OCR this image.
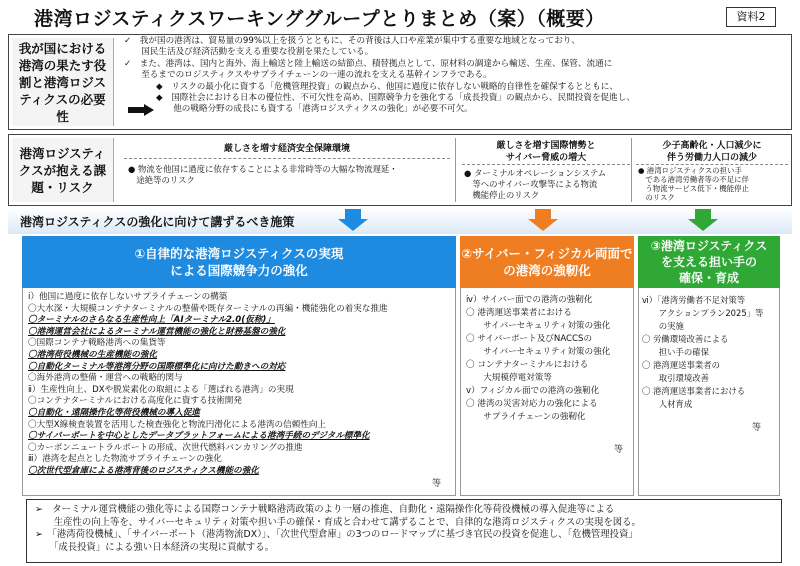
港湾ロジスティクスワーキンググループとりまとめ（案）（概要）	資料2
我が国における港湾の果たす役割と港湾ロジスティクスの必要性

✓　我が国の港湾は、貿易量の99%以上を扱うとともに、その背後は人口や産業が集中する重要な地域となっており、

　　国民生活及び経済活動を支える重要な役割を果たしている。

✓　また、港湾は、国内と海外、海上輸送と陸上輸送の結節点、積替拠点として、原材料の調達から輸送、生産、保管、流通に

　　至るまでのロジスティクスやサプライチェーンの一連の流れを支える基幹インフラである。

◆　リスクの最小化に資する「危機管理投資」の観点から、他国に過度に依存しない戦略的自律性を確保するとともに、

◆　国際社会における日本の優位性、不可欠性を高め、国際競争力を強化する「成長投資」の観点から、民間投資を促進し、

　　他の戦略分野の成長にも資する「港湾ロジスティクスの強化」が必要不可欠。

港湾ロジスティクスが抱える課題・リスク
厳しさを増す経済安全保障環境

● 物流を他国に過度に依存することによる非常時等の大幅な物流遅延・

　途絶等のリスク

厳しさを増す国際情勢と
サイバー脅威の増大

● ターミナルオペレーションシステム

　等へのサイバー攻撃等による物流

　機能停止のリスク

少子高齢化・人口減少に
伴う労働力人口の減少

● 港湾ロジスティクスの担い手

　である港湾労働者等の不足に伴

　う物流サービス低下・機能停止

　のリスク

港湾ロジスティクスの強化に向けて講ずるべき施策
①自律的な港湾ロジスティクスの実現
による国際競争力の強化

ⅰ）他国に過度に依存しないサプライチェーンの構築

〇大水深・大規模コンテナターミナルの整備や既存ターミナルの再編・機能強化の着実な推進

〇ターミナルのさらなる生産性向上「AIターミナル2.0(仮称)」

〇港湾運営会社によるターミナル運営機能の強化と財務基盤の強化

〇国際コンテナ戦略港湾への集貨等

〇港湾荷役機械の生産機能の強化

〇自動化ターミナル等港湾分野の国際標準化に向けた動きへの対応

〇海外港湾の整備・運営への戦略的関与

ⅱ）生産性向上、DXや脱炭素化の取組による「選ばれる港湾」の実現

〇コンテナターミナルにおける高度化に資する技術開発

〇自動化・遠隔操作化等荷役機械の導入促進

〇大型X線検査装置を活用した検査強化と物流円滑化による港湾の信頼性向上

〇サイバーポートを中心としたデータプラットフォームによる港湾手続のデジタル標準化

〇カーボンニュートラルポートの形成、次世代燃料バンカリングの推進

ⅲ）港湾を起点とした物流サプライチェーンの強化

〇次世代型倉庫による港湾背後のロジスティクス機能の強化

等
②サイバー・フィジカル両面で
の港湾の強靭化

ⅳ）サイバー面での港湾の強靭化

〇 港湾運送事業者における

　　サイバーセキュリティ対策の強化

〇 サイバーポート及びNACCSの

　　サイバーセキュリティ対策の強化

〇 コンテナターミナルにおける

　　大規模停電対策等

ⅴ）フィジカル面での港湾の強靭化

〇 港湾の災害対応力の強化による

　　サプライチェーンの強靭化

等
③港湾ロジスティクス
を支える担い手の
確保・育成

ⅵ）「港湾労働者不足対策等

　　アクションプラン2025」等

　　の実施

〇 労働環境改善による

　　担い手の確保

〇 港湾運送事業者の

　　取引環境改善

〇 港湾運送事業者における

　　人材育成

等

➢　ターミナル運営機能の強化等による国際コンテナ戦略港湾政策のより一層の推進、自動化・遠隔操作化等荷役機械の導入促進等による

　　生産性の向上等を、サイバーセキュリティ対策や担い手の確保・育成と合わせて講ずることで、自律的な港湾ロジスティクスの実現を図る。

➢　「港湾荷役機械」、「サイバーポート（港湾物流DX）」、「次世代型倉庫」の3つのロードマップに基づき官民の投資を促進し、「危機管理投資」

　　「成長投資」による強い日本経済の実現に貢献する。
